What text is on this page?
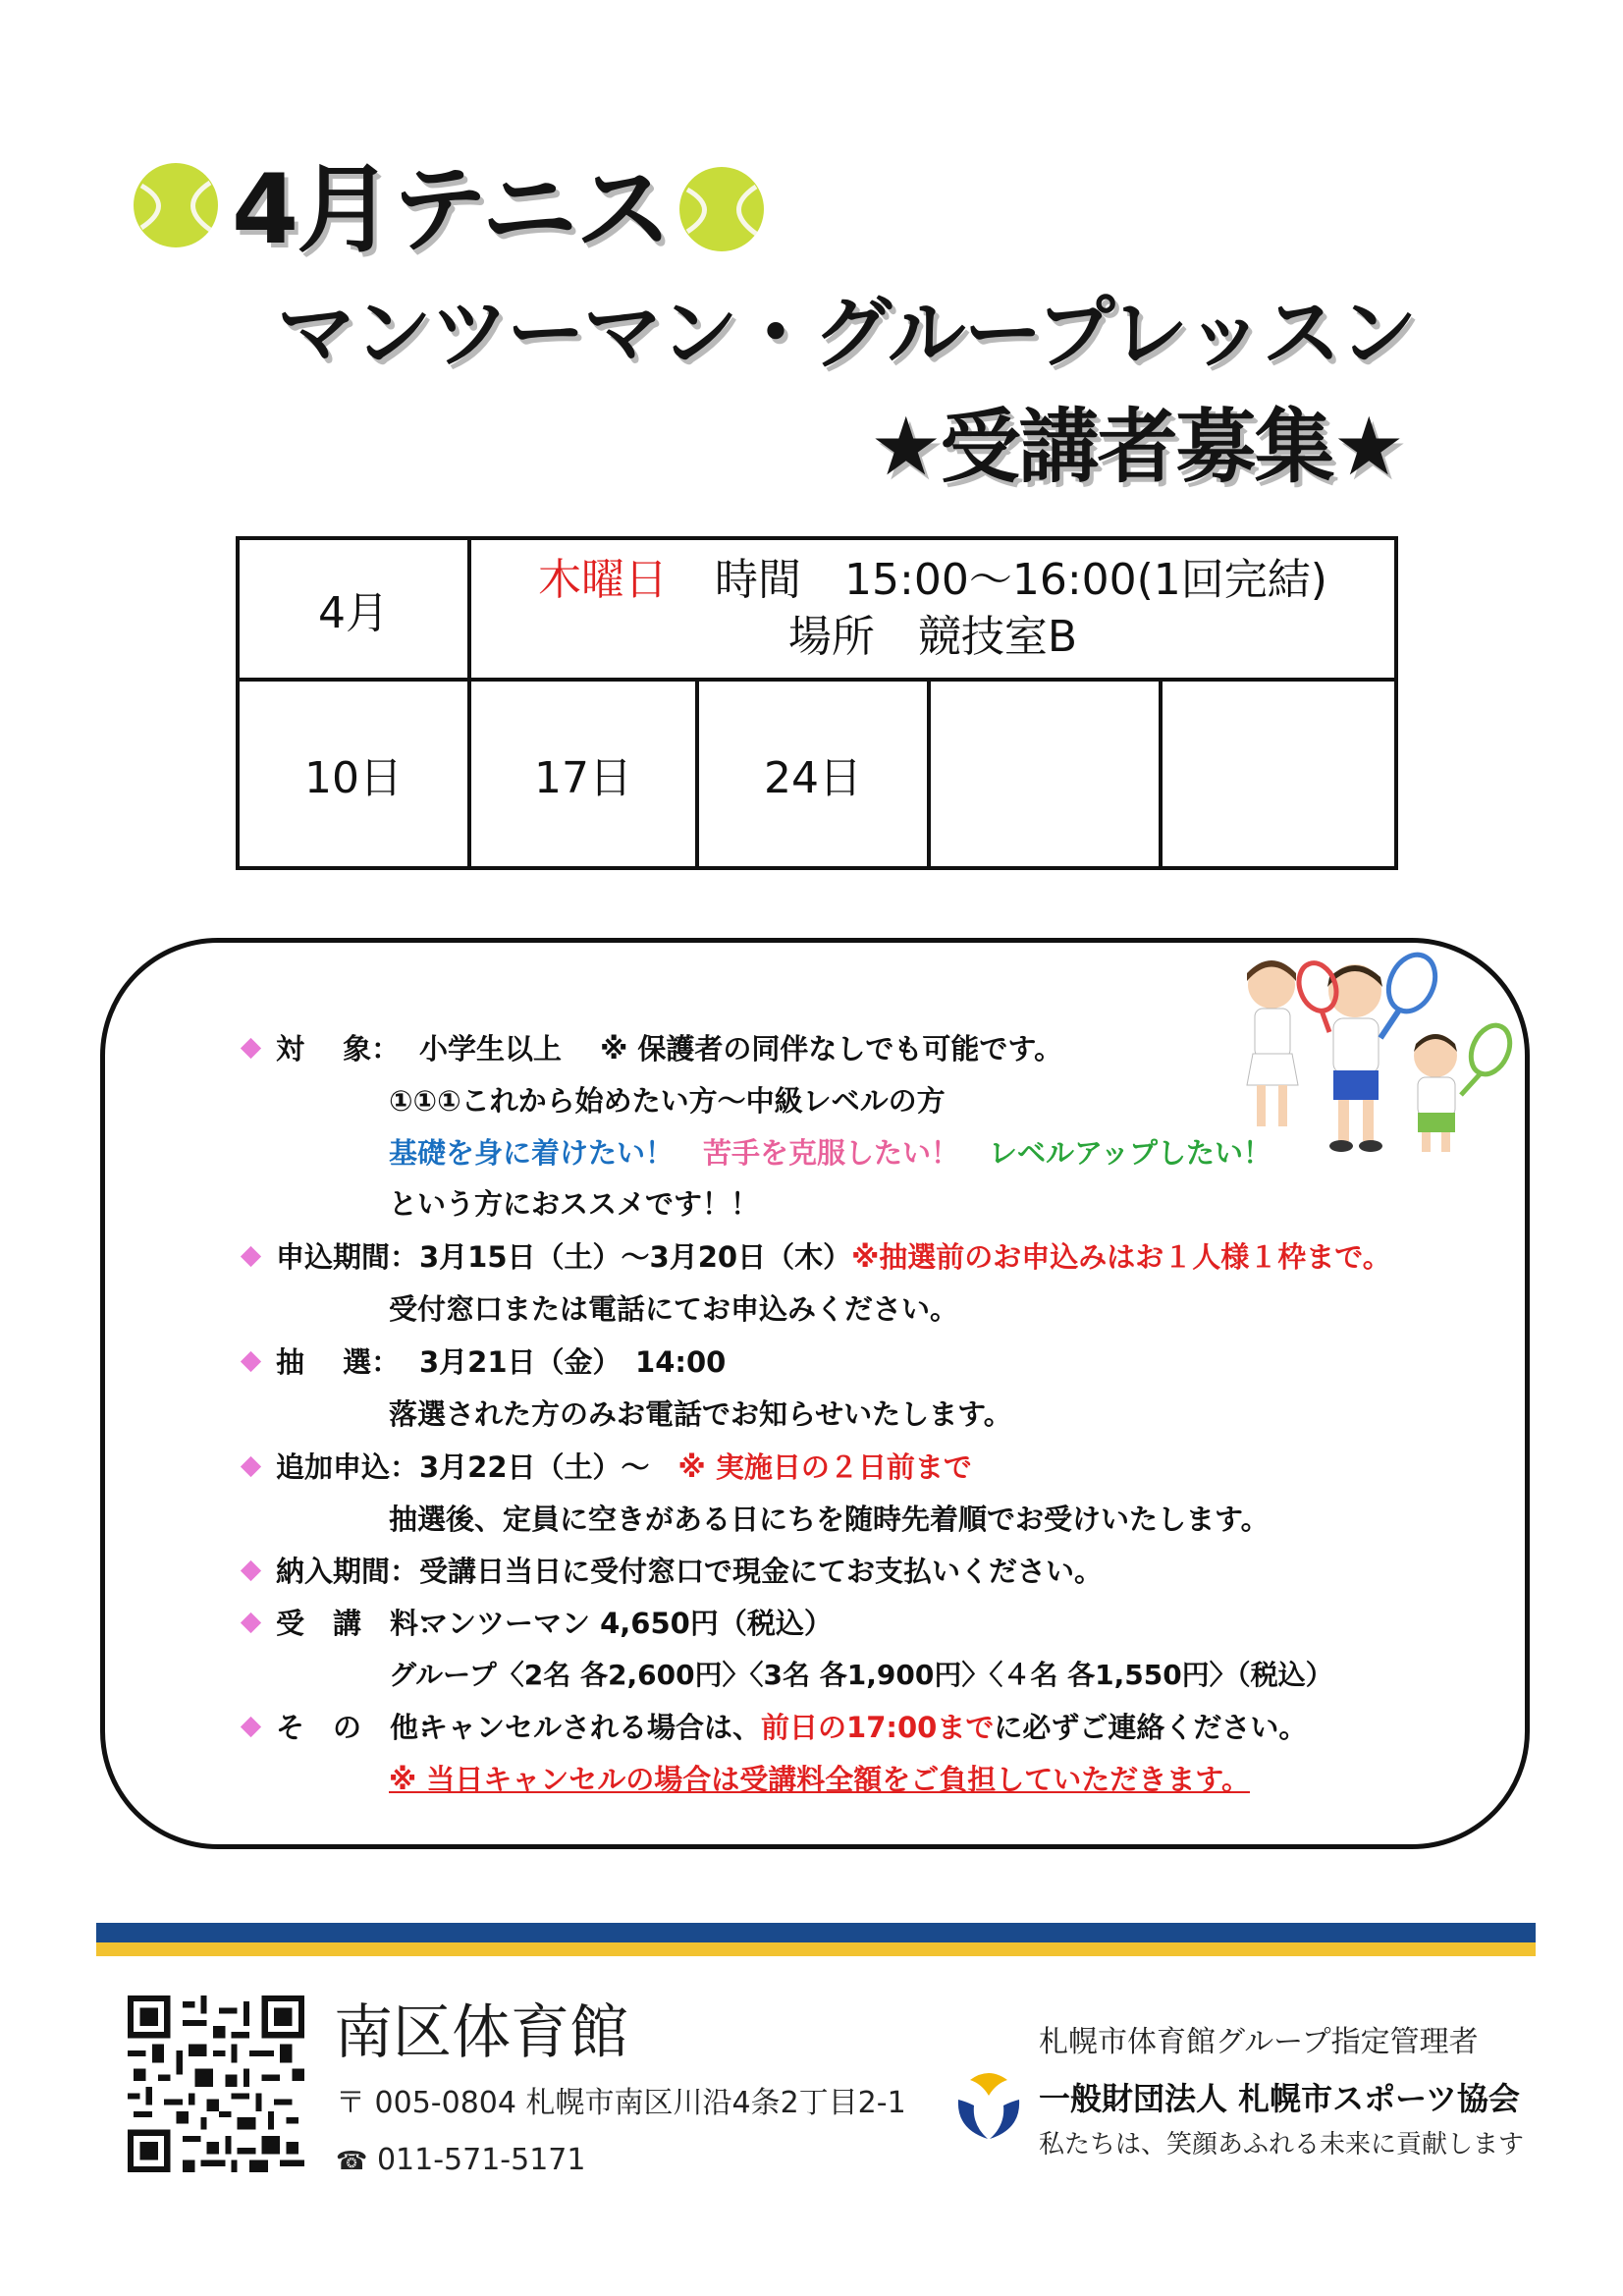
4月テニス
マンツーマン・グループレッスン
★受講者募集★
4月
木曜日 時間　15:00～16:00(1回完結)
場所　競技室B
10日	17日	24日
対　 象： 小学生以上　 ※ 保護者の同伴なしでも可能です。
①①①これから始めたい方～中級レベルの方
基礎を身に着けたい！ 苦手を克服したい！ レベルアップしたい！
という方におススメです！！
申込期間：3月15日（土）～3月20日（木）※抽選前のお申込みはお１人様１枠まで。
受付窓口または電話にてお申込みください。
抽　 選： 3月21日（金）　14:00
落選された方のみお電話でお知らせいたします。
追加申込：3月22日（土）～　※ 実施日の２日前まで
抽選後、定員に空きがある日にちを随時先着順でお受けいたします。
納入期間：受講日当日に受付窓口で現金にてお支払いください。
受　講　料：マンツーマン 4,650円（税込）
グループ〈2名 各2,600円〉〈3名 各1,900円〉〈４名 各1,550円〉（税込）
そ　の　他：キャンセルされる場合は、前日の17:00までに必ずご連絡ください。
※ 当日キャンセルの場合は受講料全額をご負担していただきます。
南区体育館
〒 005-0804 札幌市南区川沿4条2丁目2-1
☎ 011-571-5171
札幌市体育館グループ指定管理者
一般財団法人 札幌市スポーツ協会
私たちは、笑顔あふれる未来に貢献します
